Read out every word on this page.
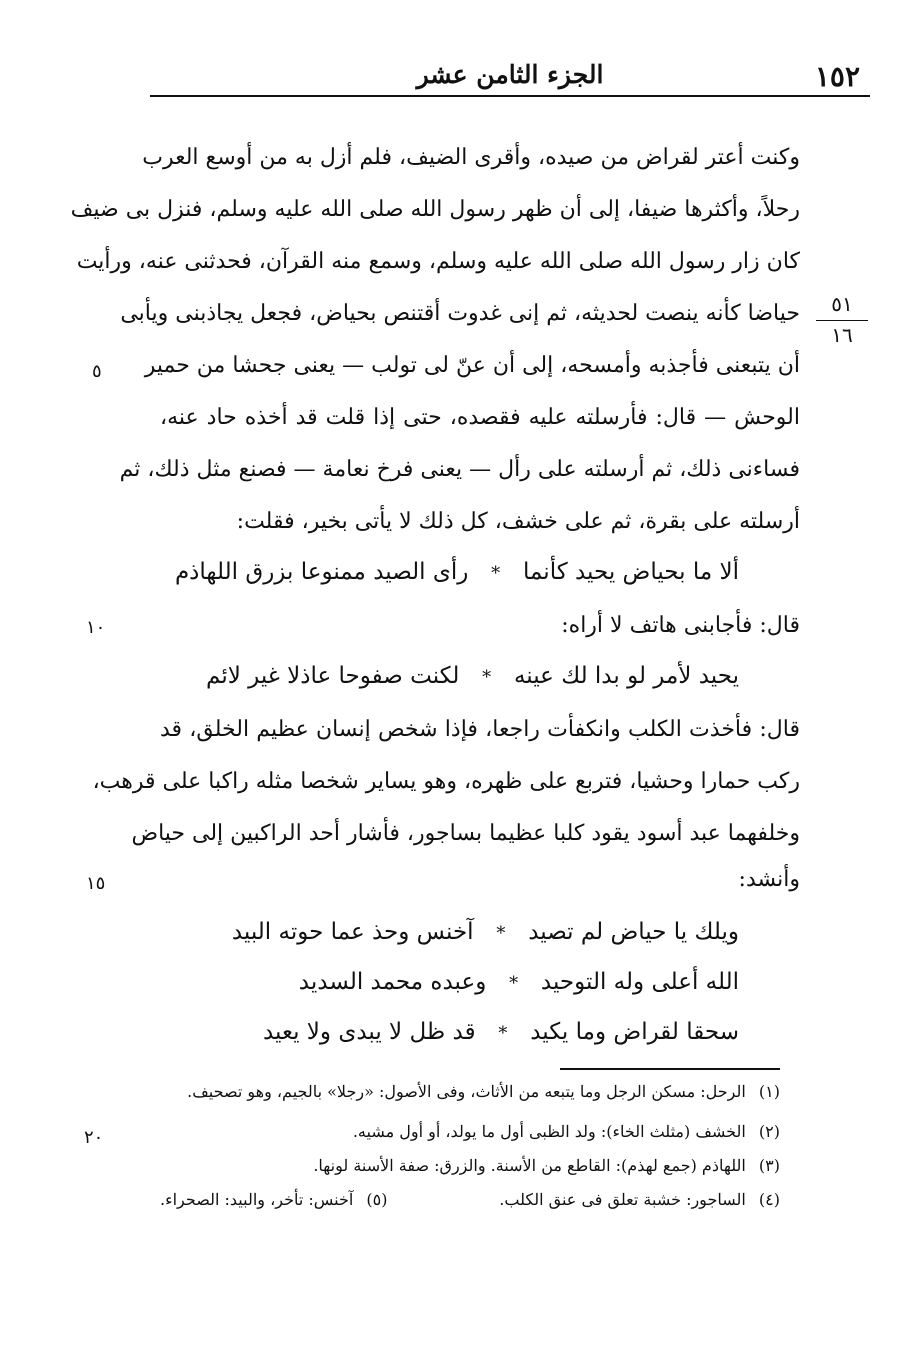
١٥٢
الجزء الثامن عشر
٥١
١٦
٥
١٠
١٥
٢٠
وكنت أعتر لقراض من صيده، وأقرى الضيف، فلم أزل به من أوسع العرب
رحلاً، وأكثرها ضيفا، إلى أن ظهر رسول الله صلى الله عليه وسلم، فنزل بى ضيف
كان زار رسول الله صلى الله عليه وسلم، وسمع منه القرآن، فحدثنى عنه، ورأيت
حياضا كأنه ينصت لحديثه، ثم إنى غدوت أقتنص بحياض، فجعل يجاذبنى ويأبى
أن يتبعنى فأجذبه وأمسحه، إلى أن عنّ لى تولب — يعنى جحشا من حمير
الوحش — قال: فأرسلته عليه فقصده، حتى إذا قلت قد أخذه حاد عنه،
فساءنى ذلك، ثم أرسلته على رأل — يعنى فرخ نعامة — فصنع مثل ذلك، ثم
أرسلته على بقرة، ثم على خشف، كل ذلك لا يأتى بخير، فقلت:
ألا ما بحياض يحيد كأنما * رأى الصيد ممنوعا بزرق اللهاذم
قال: فأجابنى هاتف لا أراه:
يحيد لأمر لو بدا لك عينه * لكنت صفوحا عاذلا غير لائم
قال: فأخذت الكلب وانكفأت راجعا، فإذا شخص إنسان عظيم الخلق، قد
ركب حمارا وحشيا، فتربع على ظهره، وهو يساير شخصا مثله راكبا على قرهب،
وخلفهما عبد أسود يقود كلبا عظيما بساجور، فأشار أحد الراكبين إلى حياض
وأنشد:
ويلك يا حياض لم تصيد * آخنس وحذ عما حوته البيد
الله أعلى وله التوحيد * وعبده محمد السديد
سحقا لقراض وما يكيد * قد ظل لا يبدى ولا يعيد
(١) الرحل: مسكن الرجل وما يتبعه من الأثاث، وفى الأصول: «رجلا» بالجيم، وهو تصحيف.
(٢) الخشف (مثلث الخاء): ولد الظبى أول ما يولد، أو أول مشيه.
(٣) اللهاذم (جمع لهذم): القاطع من الأسنة. والزرق: صفة الأسنة لونها.
(٤) الساجور: خشبة تعلق فى عنق الكلب.
(٥) آخنس: تأخر، والبيد: الصحراء.
